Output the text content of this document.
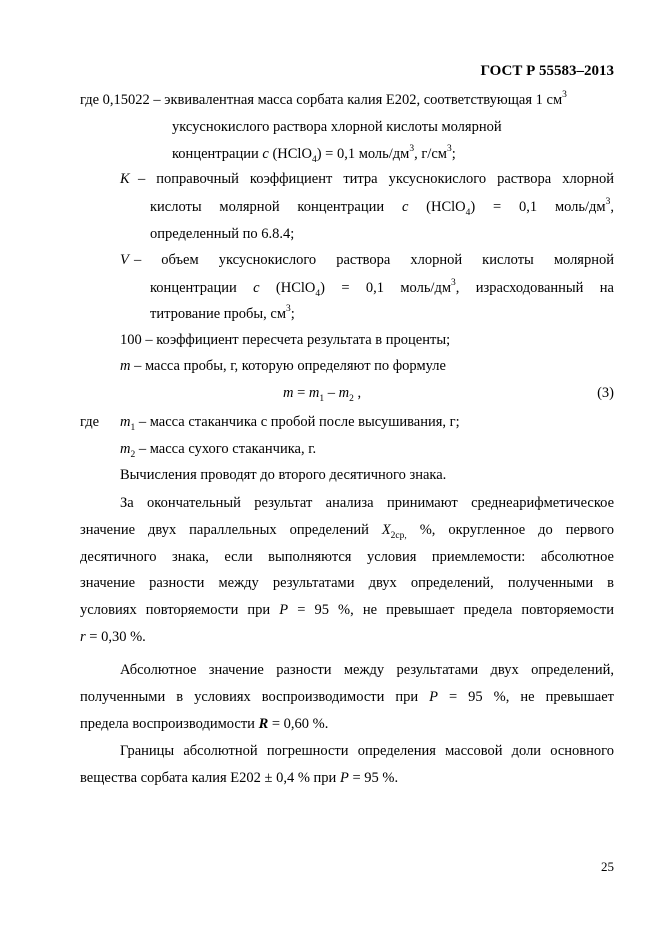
ГОСТ Р 55583–2013
где 0,15022 – эквивалентная масса сорбата калия Е202, соответствующая 1 $см^3$
уксуснокислого раствора хлорной кислоты молярной
концентрации с (HClO$_4$) = 0,1 моль/$дм^3$, $г/см^3$;
К – поправочный коэффициент титра уксуснокислого раствора хлорной
кислоты молярной концентрации с (HClO$_4$) = 0,1 моль/$дм^3$,
определенный по 6.8.4;
V – объем уксуснокислого раствора хлорной кислоты молярной
концентрации с (HClO$_4$) = 0,1 моль/$дм^3$, израсходованный на
титрование пробы, $см^3$;
100 – коэффициент пересчета результата в проценты;
m – масса пробы, г, которую определяют по формуле
$m = m_1 - m_2$ ,	(3)
где $m_1$ – масса стаканчика с пробой после высушивания, г;
$m_2$ – масса сухого стаканчика, г.
Вычисления проводят до второго десятичного знака.
За окончательный результат анализа принимают среднеарифметическое
значение двух параллельных определений $X_{2ср,}$ %, округленное до первого
десятичного знака, если выполняются условия приемлемости: абсолютное
значение разности между результатами двух определений, полученными в
условиях повторяемости при Р = 95 %, не превышает предела повторяемости
r = 0,30 %.
Абсолютное значение разности между результатами двух определений,
полученными в условиях воспроизводимости при Р = 95 %, не превышает
предела воспроизводимости R = 0,60 %.
Границы абсолютной погрешности определения массовой доли основного
вещества сорбата калия Е202 ± 0,4 % при Р = 95 %.
25
